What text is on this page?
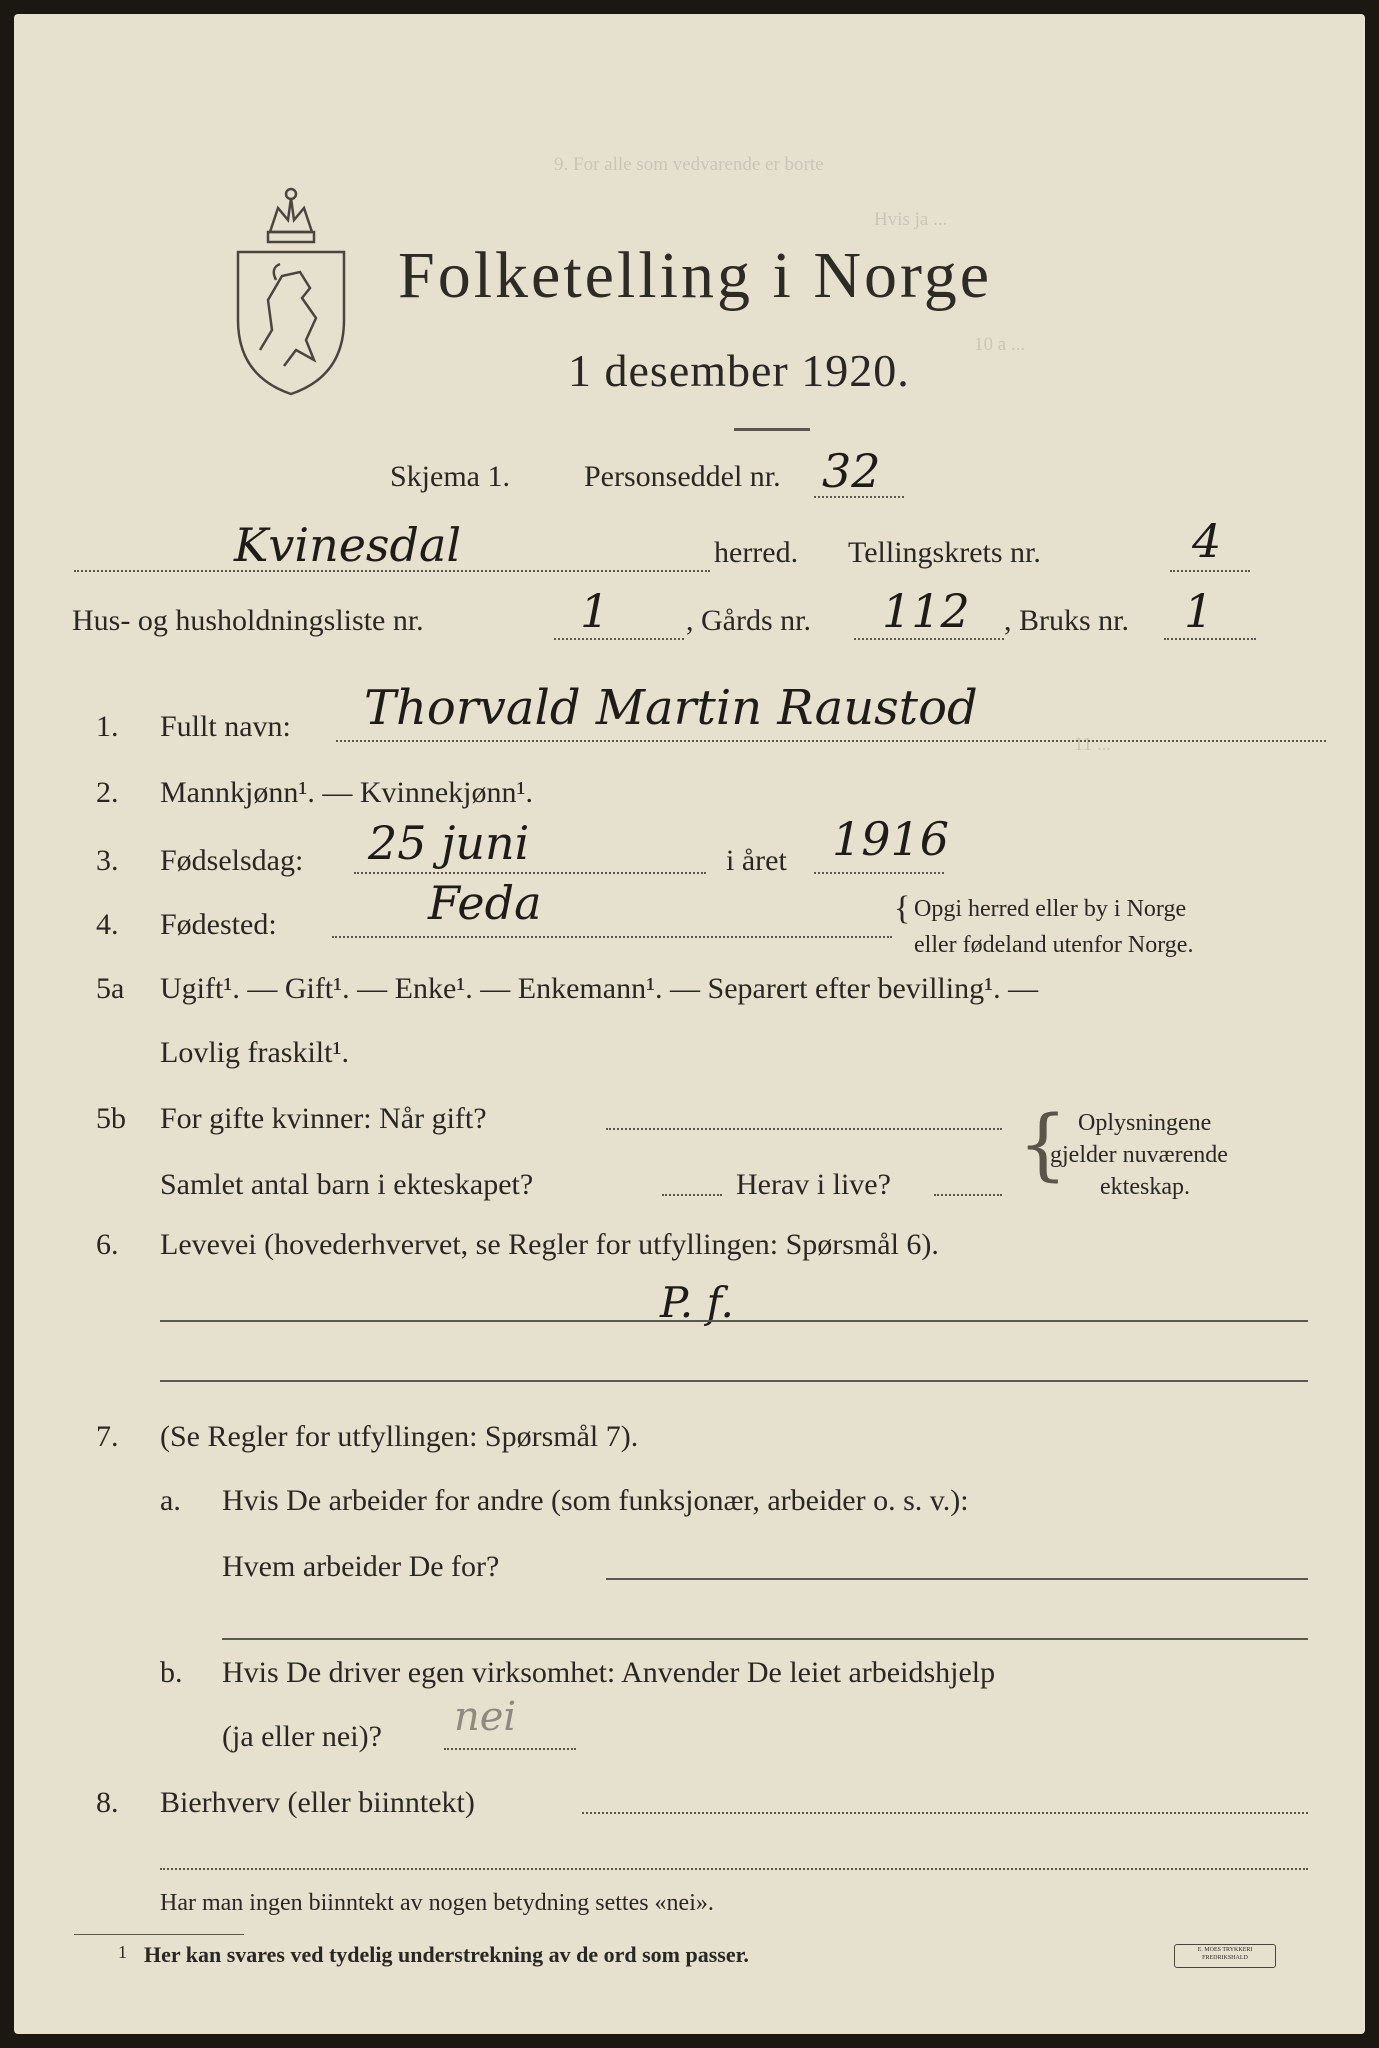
9. For alle som vedvarende er borte
Hvis ja ...
10 a ...
11 ...
Folketelling i Norge
1 desember 1920.
Skjema 1. Personseddel nr. 32
Kvinesdal	herred. Tellingskrets nr.	4
Hus- og husholdningsliste nr.	1	, Gårds nr. 112 , Bruks nr. 1
1. Fullt navn: Thorvald Martin Raustod
2. Mannkjønn¹. — Kvinnekjønn¹.
3. Fødselsdag: 25 juni	i året 1916
4. Fødested:	Feda	{ Opgi herred eller by i Norge
eller fødeland utenfor Norge.
5a Ugift¹. — Gift¹. — Enke¹. — Enkemann¹. — Separert efter bevilling¹. —
Lovlig fraskilt¹.
5b For gifte kvinner: Når gift?
Samlet antal barn i ekteskapet?	Herav i live? { Oplysningene
gjelder nuværende
ekteskap.
6. Levevei (hovederhvervet, se Regler for utfyllingen: Spørsmål 6).
P. f.
7. (Se Regler for utfyllingen: Spørsmål 7).
a. Hvis De arbeider for andre (som funksjonær, arbeider o. s. v.):
Hvem arbeider De for?
b. Hvis De driver egen virksomhet: Anvender De leiet arbeidshjelp
(ja eller nei)? nei
8. Bierhverv (eller biinntekt)
Har man ingen biinntekt av nogen betydning settes «nei».
1 Her kan svares ved tydelig understrekning av de ord som passer.	E. MOES TRYKKERI FREDRIKSHALD
